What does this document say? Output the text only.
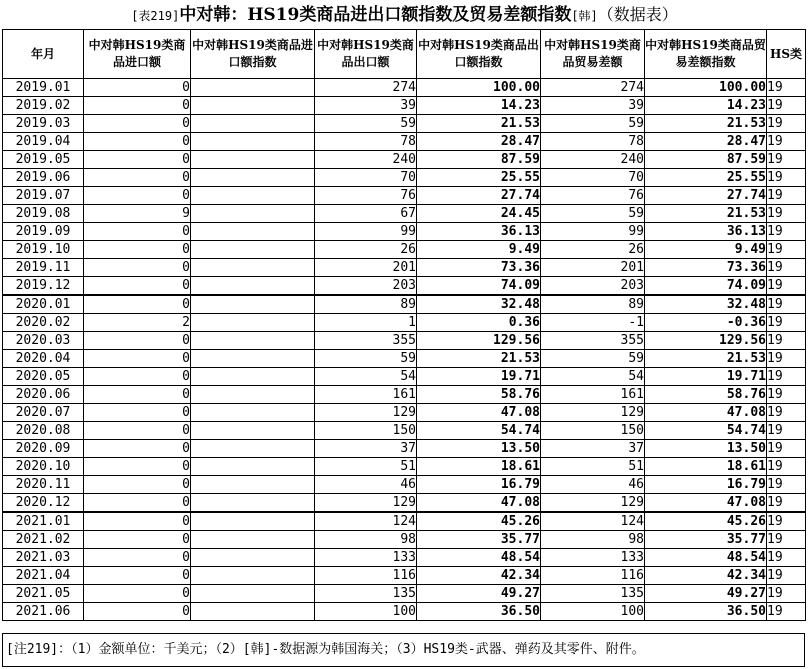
[表219]中对韩：HS19类商品进出口额指数及贸易差额指数[韩]（数据表）
年月	中对韩HS19类商品进口额	中对韩HS19类商品进口额指数	中对韩HS19类商品出口额	中对韩HS19类商品出口额指数	中对韩HS19类商品贸易差额	中对韩HS19类商品贸易差额指数	HS类
2019.01	0		274	100.00	274	100.00	19
2019.02	0		39	14.23	39	14.23	19
2019.03	0		59	21.53	59	21.53	19
2019.04	0		78	28.47	78	28.47	19
2019.05	0		240	87.59	240	87.59	19
2019.06	0		70	25.55	70	25.55	19
2019.07	0		76	27.74	76	27.74	19
2019.08	9		67	24.45	59	21.53	19
2019.09	0		99	36.13	99	36.13	19
2019.10	0		26	9.49	26	9.49	19
2019.11	0		201	73.36	201	73.36	19
2019.12	0		203	74.09	203	74.09	19
2020.01	0		89	32.48	89	32.48	19
2020.02	2		1	0.36	-1	-0.36	19
2020.03	0		355	129.56	355	129.56	19
2020.04	0		59	21.53	59	21.53	19
2020.05	0		54	19.71	54	19.71	19
2020.06	0		161	58.76	161	58.76	19
2020.07	0		129	47.08	129	47.08	19
2020.08	0		150	54.74	150	54.74	19
2020.09	0		37	13.50	37	13.50	19
2020.10	0		51	18.61	51	18.61	19
2020.11	0		46	16.79	46	16.79	19
2020.12	0		129	47.08	129	47.08	19
2021.01	0		124	45.26	124	45.26	19
2021.02	0		98	35.77	98	35.77	19
2021.03	0		133	48.54	133	48.54	19
2021.04	0		116	42.34	116	42.34	19
2021.05	0		135	49.27	135	49.27	19
2021.06	0		100	36.50	100	36.50	19
[注219]：（1）金额单位：千美元；（2）[韩]-数据源为韩国海关；（3）HS19类-武器、弹药及其零件、附件。
